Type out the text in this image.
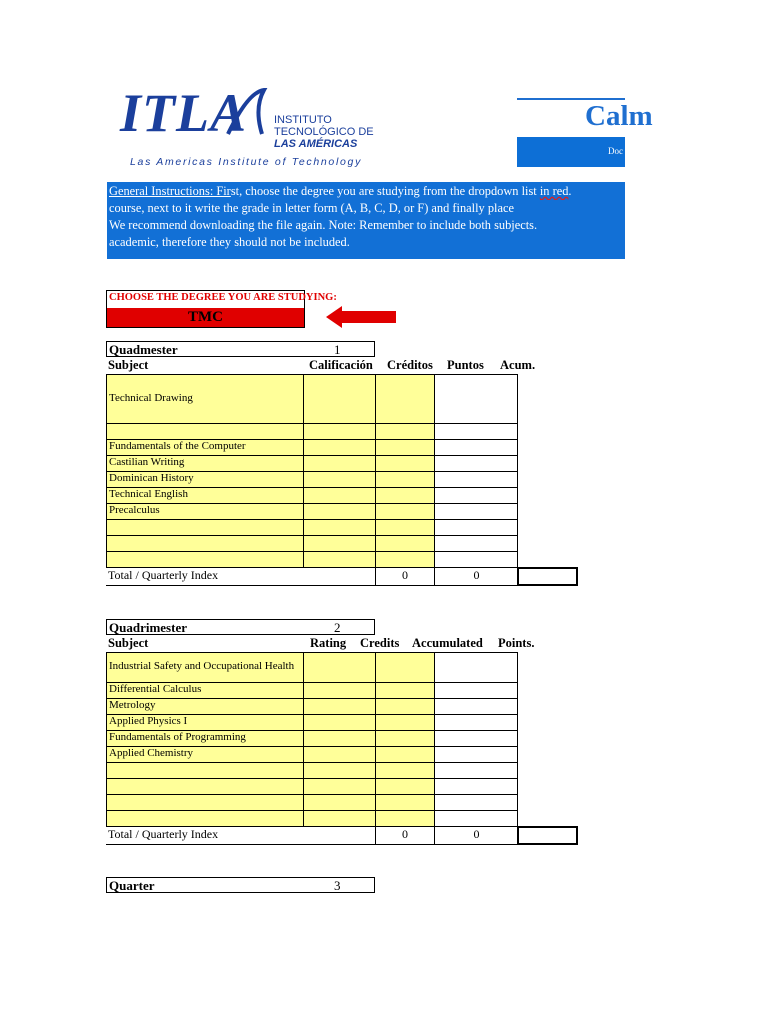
ITLA INSTITUTO
TECNOLÓGICO DE
LAS AMÉRICAS
Las Americas Institute of Technology
Calm
Doc
General Instructions: First, choose the degree you are studying from the dropdown list in red.
course, next to it write the grade in letter form (A, B, C, D, or F) and finally place
We recommend downloading the file again. Note: Remember to include both subjects.
academic, therefore they should not be included.
CHOOSE THE DEGREE YOU ARE STUDYING:
TMC
Quadmester	1
Subject	Calificación Créditos Puntos Acum.
Technical Drawing
Fundamentals of the Computer
Castilian Writing
Dominican History
Technical English
Precalculus
Total / Quarterly Index	0	0
Quadrimester	2
Subject	Rating Credits Accumulated Points.
Industrial Safety and Occupational Health
Differential Calculus
Metrology
Applied Physics I
Fundamentals of Programming
Applied Chemistry
Total / Quarterly Index	0	0
Quarter	3
